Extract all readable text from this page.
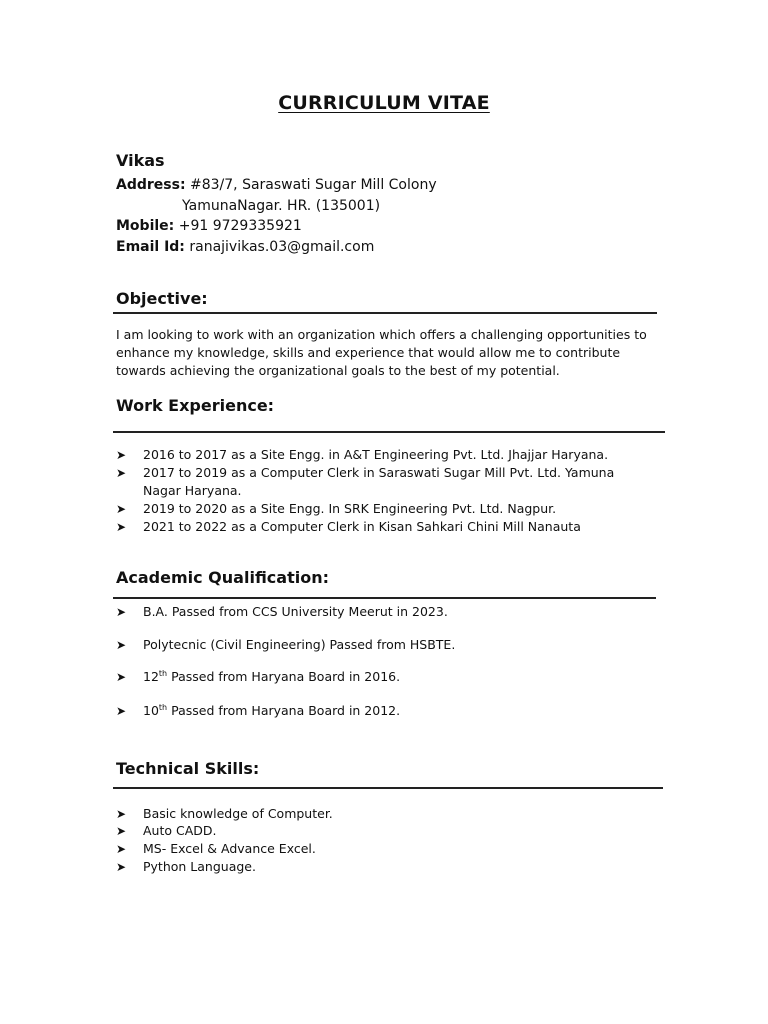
CURRICULUM VITAE
Vikas
Address: #83/7, Saraswati Sugar Mill Colony
YamunaNagar. HR. (135001)
Mobile: +91 9729335921
Email Id: ranajivikas.03@gmail.com
Objective:
I am looking to work with an organization which offers a challenging opportunities to
enhance my knowledge, skills and experience that would allow me to contribute
towards achieving the organizational goals to the best of my potential.
Work Experience:
➤ 2016 to 2017 as a Site Engg. in A&T Engineering Pvt. Ltd. Jhajjar Haryana.
➤ 2017 to 2019 as a Computer Clerk in Saraswati Sugar Mill Pvt. Ltd. Yamuna
Nagar Haryana.
➤ 2019 to 2020 as a Site Engg. In SRK Engineering Pvt. Ltd. Nagpur.
➤ 2021 to 2022 as a Computer Clerk in Kisan Sahkari Chini Mill Nanauta
Academic Qualification:
➤ B.A. Passed from CCS University Meerut in 2023.
➤ Polytecnic (Civil Engineering) Passed from HSBTE.
➤ 12th Passed from Haryana Board in 2016.
➤ 10th Passed from Haryana Board in 2012.
Technical Skills:
➤ Basic knowledge of Computer.
➤ Auto CADD.
➤ MS- Excel & Advance Excel.
➤ Python Language.
